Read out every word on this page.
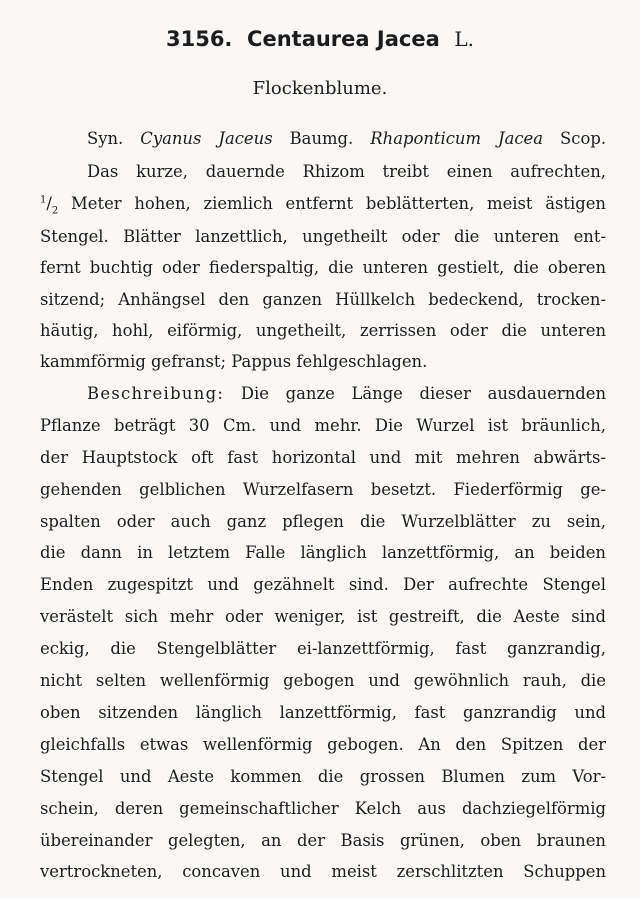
3156. Centaurea Jacea L.
Flockenblume.
Syn. Cyanus Jaceus Baumg. Rhaponticum Jacea Scop.
Das kurze, dauernde Rhizom treibt einen aufrechten,
$^1/_2$ Meter hohen, ziemlich entfernt beblätterten, meist ästigen
Stengel. Blätter lanzettlich, ungetheilt oder die unteren ent-
fernt buchtig oder fiederspaltig, die unteren gestielt, die oberen
sitzend; Anhängsel den ganzen Hüllkelch bedeckend, trocken-
häutig, hohl, eiförmig, ungetheilt, zerrissen oder die unteren
kammförmig gefranst; Pappus fehlgeschlagen.
Beschreibung: Die ganze Länge dieser ausdauernden
Pflanze beträgt 30 Cm. und mehr. Die Wurzel ist bräunlich,
der Hauptstock oft fast horizontal und mit mehren abwärts-
gehenden gelblichen Wurzelfasern besetzt. Fiederförmig ge-
spalten oder auch ganz pflegen die Wurzelblätter zu sein,
die dann in letztem Falle länglich lanzettförmig, an beiden
Enden zugespitzt und gezähnelt sind. Der aufrechte Stengel
verästelt sich mehr oder weniger, ist gestreift, die Aeste sind
eckig, die Stengelblätter ei-lanzettförmig, fast ganzrandig,
nicht selten wellenförmig gebogen und gewöhnlich rauh, die
oben sitzenden länglich lanzettförmig, fast ganzrandig und
gleichfalls etwas wellenförmig gebogen. An den Spitzen der
Stengel und Aeste kommen die grossen Blumen zum Vor-
schein, deren gemeinschaftlicher Kelch aus dachziegelförmig
übereinander gelegten, an der Basis grünen, oben braunen
vertrockneten, concaven und meist zerschlitzten Schuppen
